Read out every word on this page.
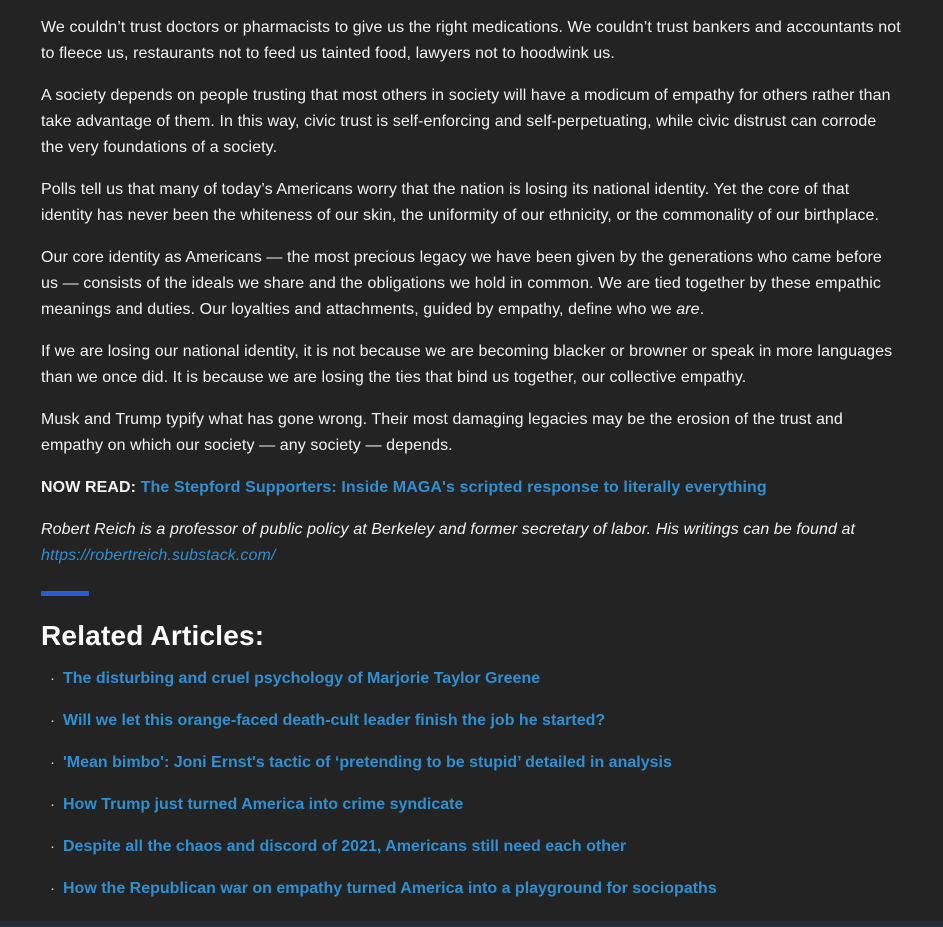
We couldn’t trust doctors or pharmacists to give us the right medications. We couldn’t trust bankers and accountants not to fleece us, restaurants not to feed us tainted food, lawyers not to hoodwink us.

A society depends on people trusting that most others in society will have a modicum of empathy for others rather than take advantage of them. In this way, civic trust is self-enforcing and self-perpetuating, while civic distrust can corrode the very foundations of a society.

Polls tell us that many of today’s Americans worry that the nation is losing its national identity. Yet the core of that identity has never been the whiteness of our skin, the uniformity of our ethnicity, or the commonality of our birthplace.

Our core identity as Americans — the most precious legacy we have been given by the generations who came before us — consists of the ideals we share and the obligations we hold in common. We are tied together by these empathic meanings and duties. Our loyalties and attachments, guided by empathy, define who we are.

If we are losing our national identity, it is not because we are becoming blacker or browner or speak in more languages than we once did. It is because we are losing the ties that bind us together, our collective empathy.

Musk and Trump typify what has gone wrong. Their most damaging legacies may be the erosion of the trust and empathy on which our society — any society — depends.

NOW READ: The Stepford Supporters: Inside MAGA's scripted response to literally everything

Robert Reich is a professor of public policy at Berkeley and former secretary of labor. His writings can be found at https://robertreich.substack.com/

Related Articles:
· The disturbing and cruel psychology of Marjorie Taylor Greene
· Will we let this orange-faced death-cult leader finish the job he started?
· 'Mean bimbo': Joni Ernst's tactic of ‘pretending to be stupid’ detailed in analysis
· How Trump just turned America into crime syndicate
· Despite all the chaos and discord of 2021, Americans still need each other
· How the Republican war on empathy turned America into a playground for sociopaths
